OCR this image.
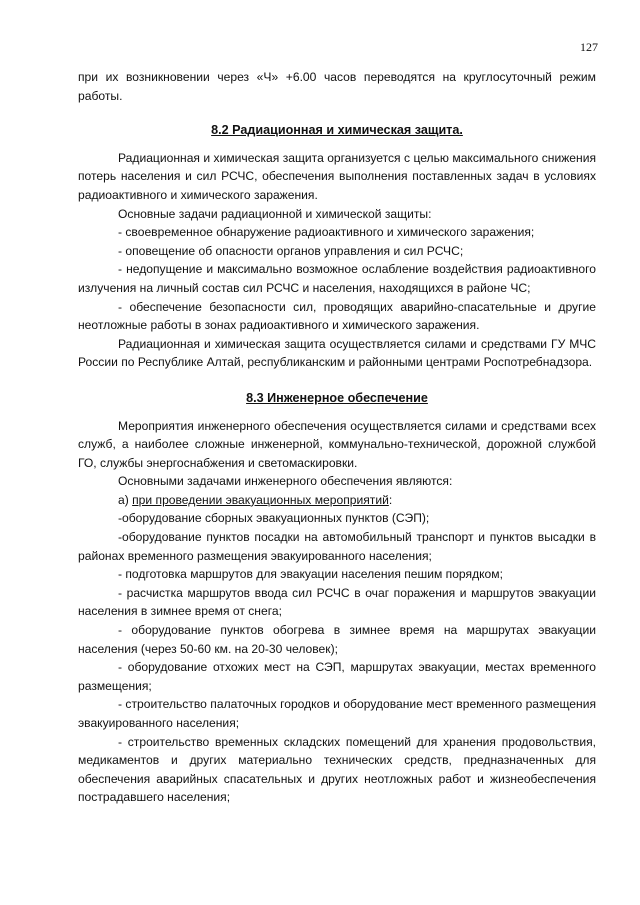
127

при их возникновении через «Ч» +6.00 часов переводятся на круглосуточный режим работы.

8.2 Радиационная и химическая защита.

Радиационная и химическая защита организуется с целью максимального снижения потерь населения и сил РСЧС, обеспечения выполнения поставленных задач в условиях радиоактивного и химического заражения.

Основные задачи радиационной и химической защиты:

- своевременное обнаружение радиоактивного и химического заражения;

- оповещение об опасности органов управления и сил РСЧС;

- недопущение и максимально возможное ослабление воздействия радиоактивного излучения на личный состав сил РСЧС и населения, находящихся в районе ЧС;

- обеспечение безопасности сил, проводящих аварийно-спасательные и другие неотложные работы в зонах радиоактивного и химического заражения.

Радиационная и химическая защита осуществляется силами и средствами ГУ МЧС России по Республике Алтай, республиканским и районными центрами Роспотребнадзора.

8.3 Инженерное обеспечение

Мероприятия инженерного обеспечения осуществляется силами и средствами всех служб, а наиболее сложные инженерной, коммунально-технической, дорожной службой ГО, службы энергоснабжения и светомаскировки.

Основными задачами инженерного обеспечения являются:

а) при проведении эвакуационных мероприятий:

-оборудование сборных эвакуационных пунктов (СЭП);

-оборудование пунктов посадки на автомобильный транспорт и пунктов высадки в районах временного размещения эвакуированного населения;

- подготовка маршрутов для эвакуации населения пешим порядком;

- расчистка маршрутов ввода сил РСЧС в очаг поражения и маршрутов эвакуации населения в зимнее время от снега;

- оборудование пунктов обогрева в зимнее время на маршрутах эвакуации населения (через 50-60 км. на 20-30 человек);

- оборудование отхожих мест на СЭП, маршрутах эвакуации, местах временного размещения;

- строительство палаточных городков и оборудование мест временного размещения эвакуированного населения;

- строительство временных складских помещений для хранения продовольствия, медикаментов и других материально технических средств, предназначенных для обеспечения аварийных спасательных и других неотложных работ и жизнеобеспечения пострадавшего населения;
